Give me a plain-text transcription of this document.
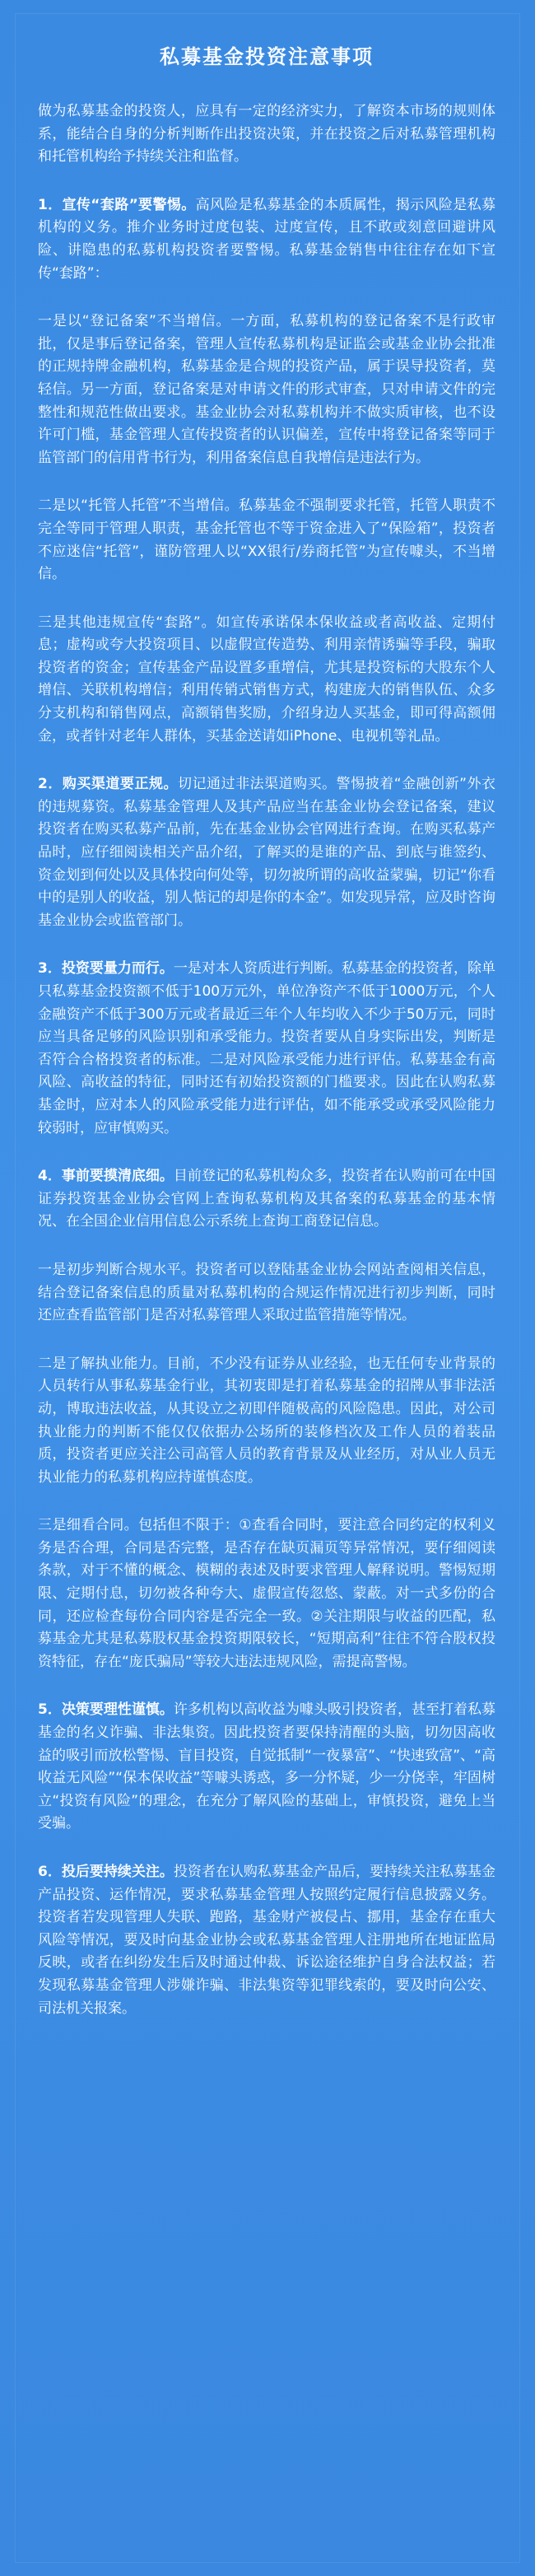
私募基金投资注意事项

做为私募基金的投资人，应具有一定的经济实力，了解资本市场的规则体系，能结合自身的分析判断作出投资决策，并在投资之后对私募管理机构和托管机构给予持续关注和监督。

1．宣传“套路”要警惕。高风险是私募基金的本质属性，揭示风险是私募机构的义务。推介业务时过度包装、过度宣传，且不敢或刻意回避讲风险、讲隐患的私募机构投资者要警惕。私募基金销售中往往存在如下宣传“套路”：

一是以“登记备案”不当增信。一方面，私募机构的登记备案不是行政审批，仅是事后登记备案，管理人宣传私募机构是证监会或基金业协会批准的正规持牌金融机构，私募基金是合规的投资产品，属于误导投资者，莫轻信。另一方面，登记备案是对申请文件的形式审查，只对申请文件的完整性和规范性做出要求。基金业协会对私募机构并不做实质审核，也不设许可门槛，基金管理人宣传投资者的认识偏差，宣传中将登记备案等同于监管部门的信用背书行为，利用备案信息自我增信是违法行为。

二是以“托管人托管”不当增信。私募基金不强制要求托管，托管人职责不完全等同于管理人职责，基金托管也不等于资金进入了“保险箱”，投资者不应迷信“托管”，谨防管理人以“XX银行/券商托管”为宣传噱头，不当增信。

三是其他违规宣传“套路”。如宣传承诺保本保收益或者高收益、定期付息；虚构或夸大投资项目、以虚假宣传造势、利用亲情诱骗等手段，骗取投资者的资金；宣传基金产品设置多重增信，尤其是投资标的大股东个人增信、关联机构增信；利用传销式销售方式，构建庞大的销售队伍、众多分支机构和销售网点，高额销售奖励，介绍身边人买基金，即可得高额佣金，或者针对老年人群体，买基金送请如iPhone、电视机等礼品。

2．购买渠道要正规。切记通过非法渠道购买。警惕披着“金融创新”外衣的违规募资。私募基金管理人及其产品应当在基金业协会登记备案，建议投资者在购买私募产品前，先在基金业协会官网进行查询。在购买私募产品时，应仔细阅读相关产品介绍，了解买的是谁的产品、到底与谁签约、资金划到何处以及具体投向何处等，切勿被所谓的高收益蒙骗，切记“你看中的是别人的收益，别人惦记的却是你的本金”。如发现异常，应及时咨询基金业协会或监管部门。

3．投资要量力而行。一是对本人资质进行判断。私募基金的投资者，除单只私募基金投资额不低于100万元外，单位净资产不低于1000万元，个人金融资产不低于300万元或者最近三年个人年均收入不少于50万元，同时应当具备足够的风险识别和承受能力。投资者要从自身实际出发，判断是否符合合格投资者的标准。二是对风险承受能力进行评估。私募基金有高风险、高收益的特征，同时还有初始投资额的门槛要求。因此在认购私募基金时，应对本人的风险承受能力进行评估，如不能承受或承受风险能力较弱时，应审慎购买。

4．事前要摸清底细。目前登记的私募机构众多，投资者在认购前可在中国证券投资基金业协会官网上查询私募机构及其备案的私募基金的基本情况、在全国企业信用信息公示系统上查询工商登记信息。

一是初步判断合规水平。投资者可以登陆基金业协会网站查阅相关信息，结合登记备案信息的质量对私募机构的合规运作情况进行初步判断，同时还应查看监管部门是否对私募管理人采取过监管措施等情况。

二是了解执业能力。目前，不少没有证券从业经验，也无任何专业背景的人员转行从事私募基金行业，其初衷即是打着私募基金的招牌从事非法活动，博取违法收益，从其设立之初即伴随极高的风险隐患。因此，对公司执业能力的判断不能仅仅依据办公场所的装修档次及工作人员的着装品质，投资者更应关注公司高管人员的教育背景及从业经历，对从业人员无执业能力的私募机构应持谨慎态度。

三是细看合同。包括但不限于：①查看合同时，要注意合同约定的权利义务是否合理，合同是否完整，是否存在缺页漏页等异常情况，要仔细阅读条款，对于不懂的概念、模糊的表述及时要求管理人解释说明。警惕短期限、定期付息，切勿被各种夸大、虚假宣传忽悠、蒙蔽。对一式多份的合同，还应检查每份合同内容是否完全一致。②关注期限与收益的匹配，私募基金尤其是私募股权基金投资期限较长，“短期高利”往往不符合股权投资特征，存在“庞氏骗局”等较大违法违规风险，需提高警惕。

5．决策要理性谨慎。许多机构以高收益为噱头吸引投资者，甚至打着私募基金的名义诈骗、非法集资。因此投资者要保持清醒的头脑，切勿因高收益的吸引而放松警惕、盲目投资，自觉抵制“一夜暴富”、“快速致富”、“高收益无风险”“保本保收益”等噱头诱惑，多一分怀疑，少一分侥幸，牢固树立“投资有风险”的理念，在充分了解风险的基础上，审慎投资，避免上当受骗。

6．投后要持续关注。投资者在认购私募基金产品后，要持续关注私募基金产品投资、运作情况，要求私募基金管理人按照约定履行信息披露义务。投资者若发现管理人失联、跑路，基金财产被侵占、挪用，基金存在重大风险等情况，要及时向基金业协会或私募基金管理人注册地所在地证监局反映，或者在纠纷发生后及时通过仲裁、诉讼途径维护自身合法权益；若发现私募基金管理人涉嫌诈骗、非法集资等犯罪线索的，要及时向公安、司法机关报案。
